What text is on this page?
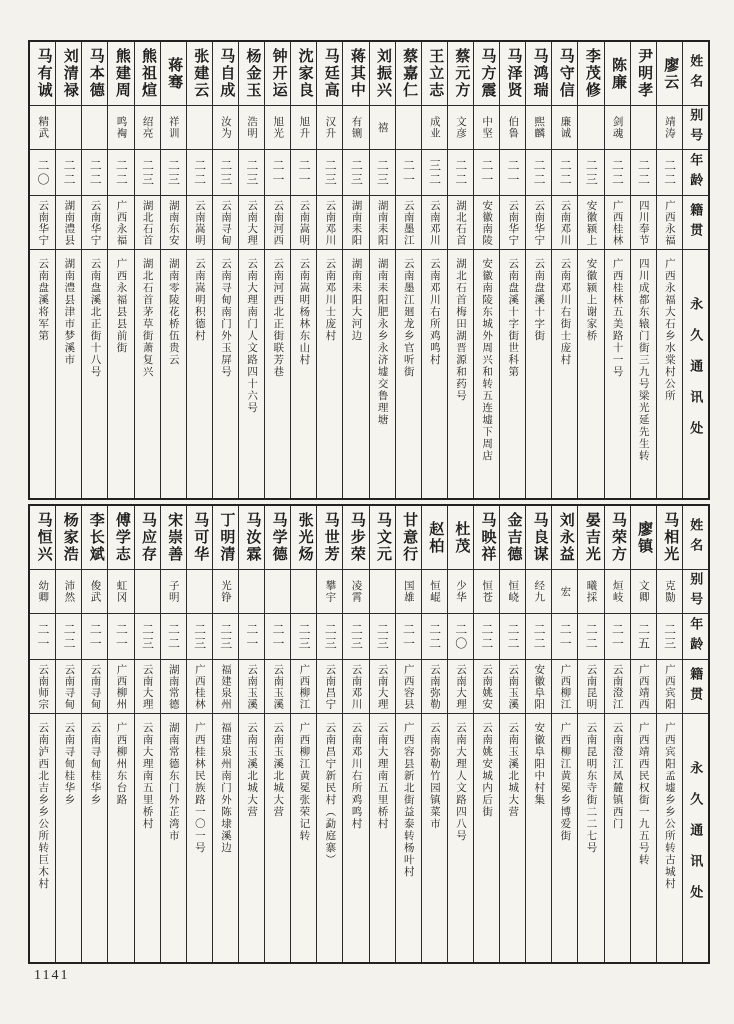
姓名
别号
年龄
籍贯
永久通讯处
廖云
靖涛
二二
广西永福
广西永福大石乡水棠村公所
尹明孝
二二
四川奉节
四川成都东辕门街三九号梁光延先生转
陈廉
剑魂
二二
广西桂林
广西桂林五美路十一号
李茂修
二三
安徽颍上
安徽颍上谢家桥
马守信
廉诚
二二
云南邓川
云南邓川右街士庞村
马鸿瑞
熙麟
二二
云南华宁
云南盘溪十字街
马泽贤
伯鲁
二一
云南华宁
云南盘溪十字街世科第
马方震
中坚
二一
安徽南陵
安徽南陵东城外周兴和转五连墟下周店
蔡元方
文彦
二二
湖北石首
湖北石首梅田湖晋源和药号
王立志
成业
三二
云南邓川
云南邓川右所鸡鸣村
蔡嘉仁
二一
云南墨江
云南墨江廻龙乡官听街
刘振兴
禧
二三
湖南耒阳
湖南耒阳肥永乡永济墟交鲁理塘
蒋其中
有铏
二三
湖南耒阳
湖南耒阳大河边
马廷高
汉升
二三
云南邓川
云南邓川士庞村
沈家良
旭升
二一
云南嵩明
云南嵩明杨林东山村
钟开运
旭光
二一
云南河西
云南河西北正街联芳巷
杨金玉
浩明
二三
云南大理
云南大理南门人文路四十六号
马自成
汝为
二三
云南寻甸
云南寻甸南门外玉屏号
张建云
二二
云南嵩明
云南嵩明积德村
蒋骞
祥训
二三
湖南东安
湖南零陵花桥伍贵云
熊祖煊
绍亮
二三
湖北石首
湖北石首茅草街萧复兴
熊建周
鸣裪
二二
广西永福
广西永福县县前街
马本德
二二
云南华宁
云南盘溪北正街十八号
刘清禄
二二
湖南澧县
湖南澧县津市梦溪市
马有诚
精武
二〇
云南华宁
云南盘溪将军第
姓名
别号
年龄
籍贯
永久通讯处
马相光
克勚
二三
广西宾阳
广西宾阳孟墟乡乡公所转古城村
廖镇
文卿
二五
广西靖西
广西靖西民权街一九五号转
马荣方
烜岐
二一
云南澄江
云南澄江凤麓镇西门
晏吉光
曦採
二二
云南昆明
云南昆明东寺街二二七号
刘永益
宏
二一
广西柳江
广西柳江黄冕乡博爱街
马良谋
经九
二二
安徽阜阳
安徽阜阳中村集
金吉德
恒峣
二二
云南玉溪
云南玉溪北城大营
马映祥
恒苍
二二
云南姚安
云南姚安城内后街
杜茂
少华
二〇
云南大理
云南大理人文路四八号
赵柏
恒崐
二二
云南弥勒
云南弥勒竹园镇菜市
甘意行
国雄
二一
广西容县
广西容县新北街益泰转杨叶村
马文元
二三
云南大理
云南大理南五里桥村
马步荣
凌霄
二三
云南邓川
云南邓川右所鸡鸣村
马世芳
攀宇
二三
云南昌宁
云南昌宁新民村（勐庭寨）
张光炀
二三
广西柳江
广西柳江黄冕张荣记转
马学德
二一
云南玉溪
云南玉溪北城大营
马汝霖
二一
云南玉溪
云南玉溪北城大营
丁明清
光铮
二三
福建泉州
福建泉州南门外陈埭溪边
马可华
二三
广西桂林
广西桂林民族路一〇一号
宋崇善
子明
二二
湖南常德
湖南常德东门外芷湾市
马应存
二三
云南大理
云南大理南五里桥村
傅学志
虹冈
二一
广西柳州
广西柳州东台路
李长斌
俊武
二一
云南寻甸
云南寻甸桂华乡
杨家浩
沛然
二二
云南寻甸
云南寻甸桂华乡
马恒兴
幼卿
二一
云南师宗
云南泸西北吉乡乡公所转巨木村
1141
